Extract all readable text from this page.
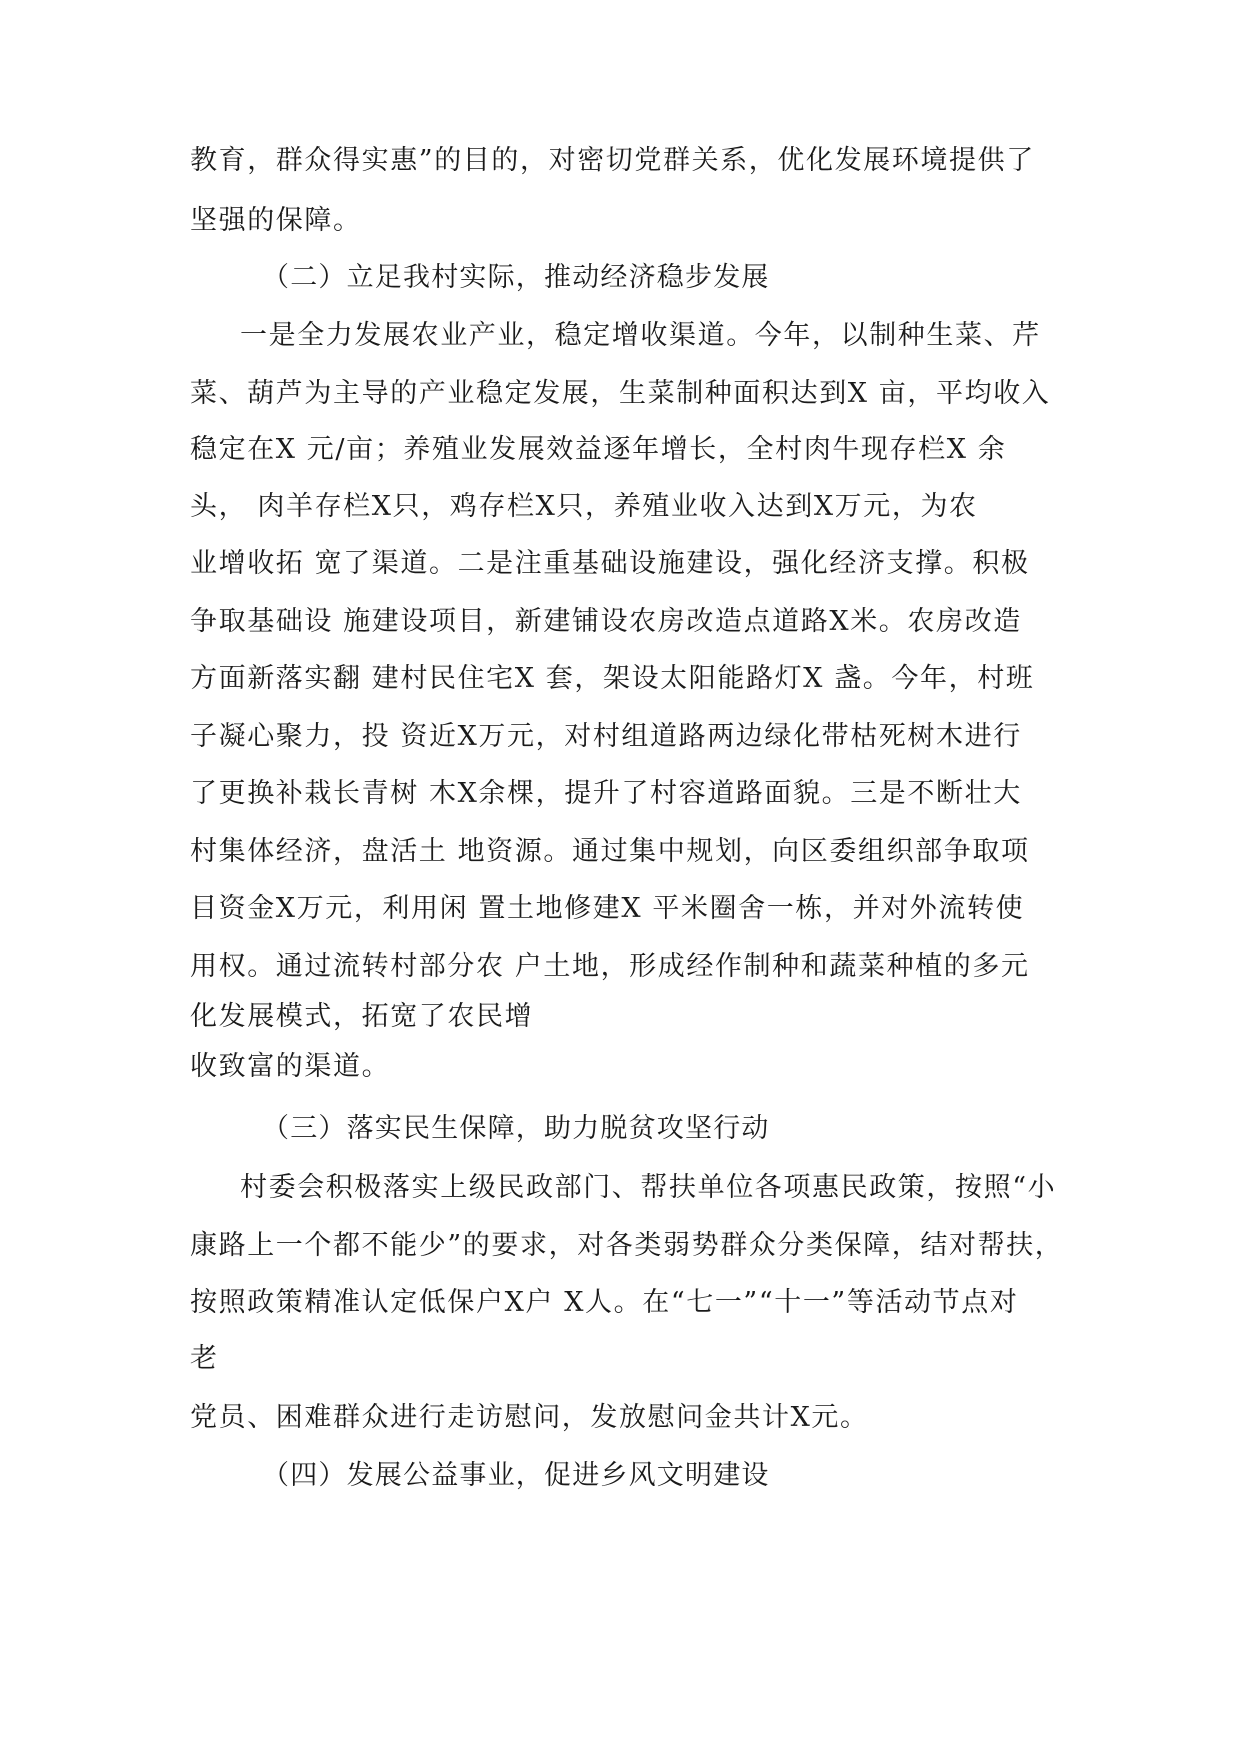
教育，群众得实惠”的目的，对密切党群关系，优化发展环境提供了
坚强的保障。
（二）立足我村实际，推动经济稳步发展
一是全力发展农业产业，稳定增收渠道。今年，以制种生菜、芹
菜、葫芦为主导的产业稳定发展，生菜制种面积达到X 亩，平均收入
稳定在X 元/亩；养殖业发展效益逐年增长，全村肉牛现存栏X 余
头， 肉羊存栏X只，鸡存栏X只，养殖业收入达到X万元，为农
业增收拓 宽了渠道。二是注重基础设施建设，强化经济支撑。积极
争取基础设 施建设项目，新建铺设农房改造点道路X米。农房改造
方面新落实翻 建村民住宅X 套，架设太阳能路灯X 盏。今年，村班
子凝心聚力，投 资近X万元，对村组道路两边绿化带枯死树木进行
了更换补栽长青树 木X余棵，提升了村容道路面貌。三是不断壮大
村集体经济，盘活土 地资源。通过集中规划，向区委组织部争取项
目资金X万元，利用闲 置土地修建X 平米圈舍一栋，并对外流转使
用权。通过流转村部分农 户土地，形成经作制种和蔬菜种植的多元
化发展模式，拓宽了农民增
收致富的渠道。
（三）落实民生保障，助力脱贫攻坚行动
村委会积极落实上级民政部门、帮扶单位各项惠民政策，按照“小
康路上一个都不能少”的要求，对各类弱势群众分类保障，结对帮扶，
按照政策精准认定低保户X户 X人。在“七一”“十一”等活动节点对
老
党员、困难群众进行走访慰问，发放慰问金共计X元。
（四）发展公益事业，促进乡风文明建设
